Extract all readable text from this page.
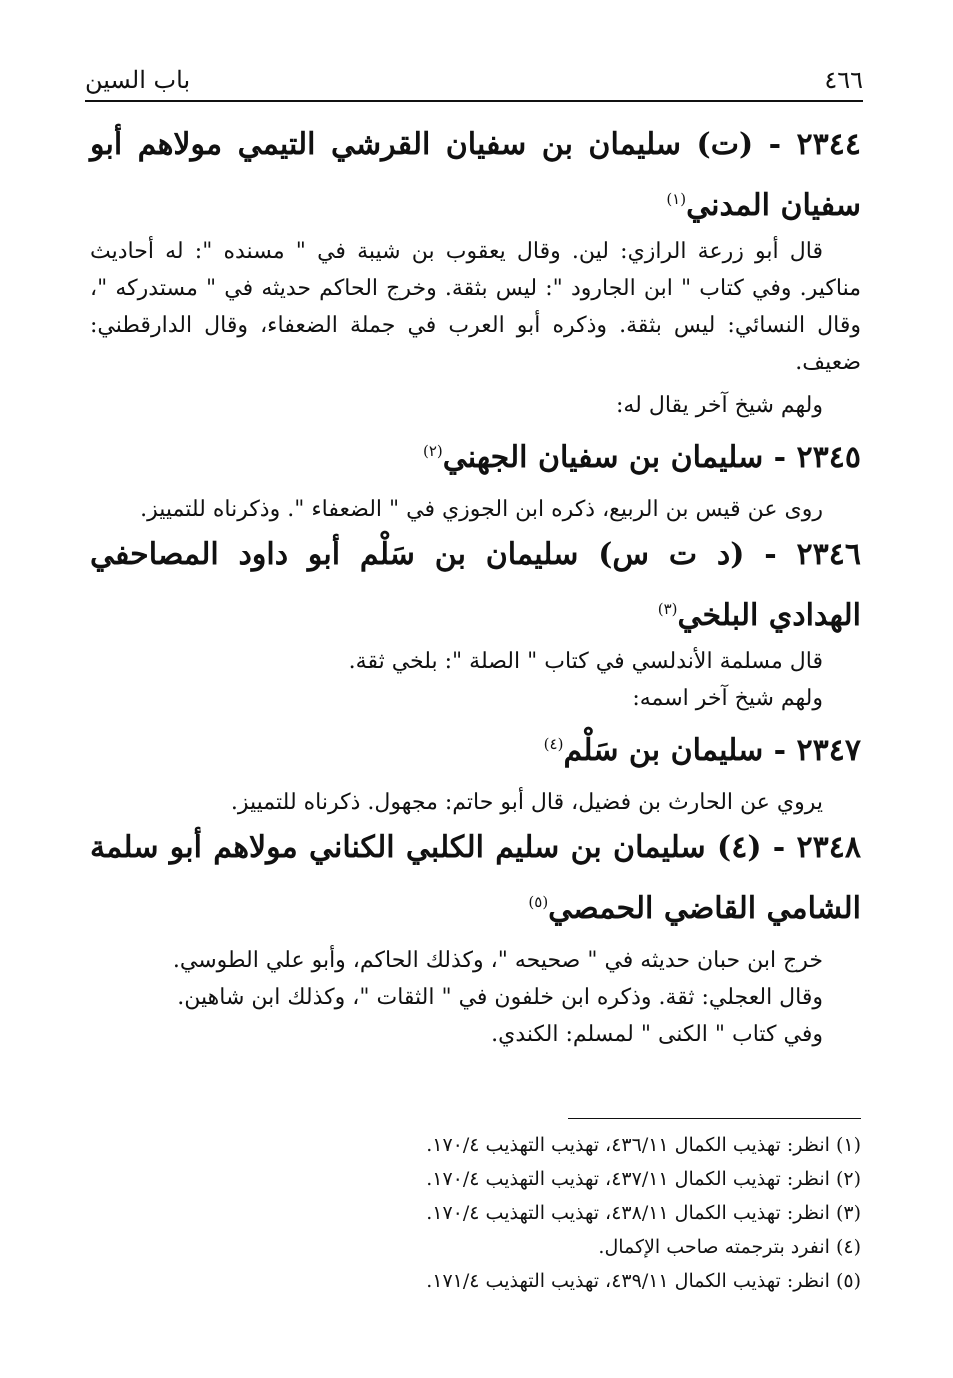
٤٦٦
باب السين

٢٣٤٤ - (ت) سليمان بن سفيان القرشي التيمي مولاهم أبو سفيان المدني$^{(١)}$

قال أبو زرعة الرازي: لين. وقال يعقوب بن شيبة في " مسنده ": له أحاديث مناكير. وفي كتاب " ابن الجارود ": ليس بثقة. وخرج الحاكم حديثه في " مستدركه "، وقال النسائي: ليس بثقة. وذكره أبو العرب في جملة الضعفاء، وقال الدارقطني: ضعيف.

ولهم شيخ آخر يقال له:

٢٣٤٥ - سليمان بن سفيان الجهني$^{(٢)}$

روى عن قيس بن الربيع، ذكره ابن الجوزي في " الضعفاء ". وذكرناه للتمييز.

٢٣٤٦ - (د ت س) سليمان بن سَلْم أبو داود المصاحفي الهدادي البلخي$^{(٣)}$

قال مسلمة الأندلسي في كتاب " الصلة ": بلخي ثقة.

ولهم شيخ آخر اسمه:

٢٣٤٧ - سليمان بن سَلْم$^{(٤)}$

يروي عن الحارث بن فضيل، قال أبو حاتم: مجهول. ذكرناه للتمييز.

٢٣٤٨ - (٤) سليمان بن سليم الكلبي الكناني مولاهم أبو سلمة الشامي القاضي الحمصي$^{(٥)}$

خرج ابن حبان حديثه في " صحيحه "، وكذلك الحاكم، وأبو علي الطوسي.

وقال العجلي: ثقة. وذكره ابن خلفون في " الثقات "، وكذلك ابن شاهين.

وفي كتاب " الكنى " لمسلم: الكندي.

(١) انظر: تهذيب الكمال ٤٣٦/١١، تهذيب التهذيب ١٧٠/٤.
(٢) انظر: تهذيب الكمال ٤٣٧/١١، تهذيب التهذيب ١٧٠/٤.
(٣) انظر: تهذيب الكمال ٤٣٨/١١، تهذيب التهذيب ١٧٠/٤.
(٤) انفرد بترجمته صاحب الإكمال.
(٥) انظر: تهذيب الكمال ٤٣٩/١١، تهذيب التهذيب ١٧١/٤.
